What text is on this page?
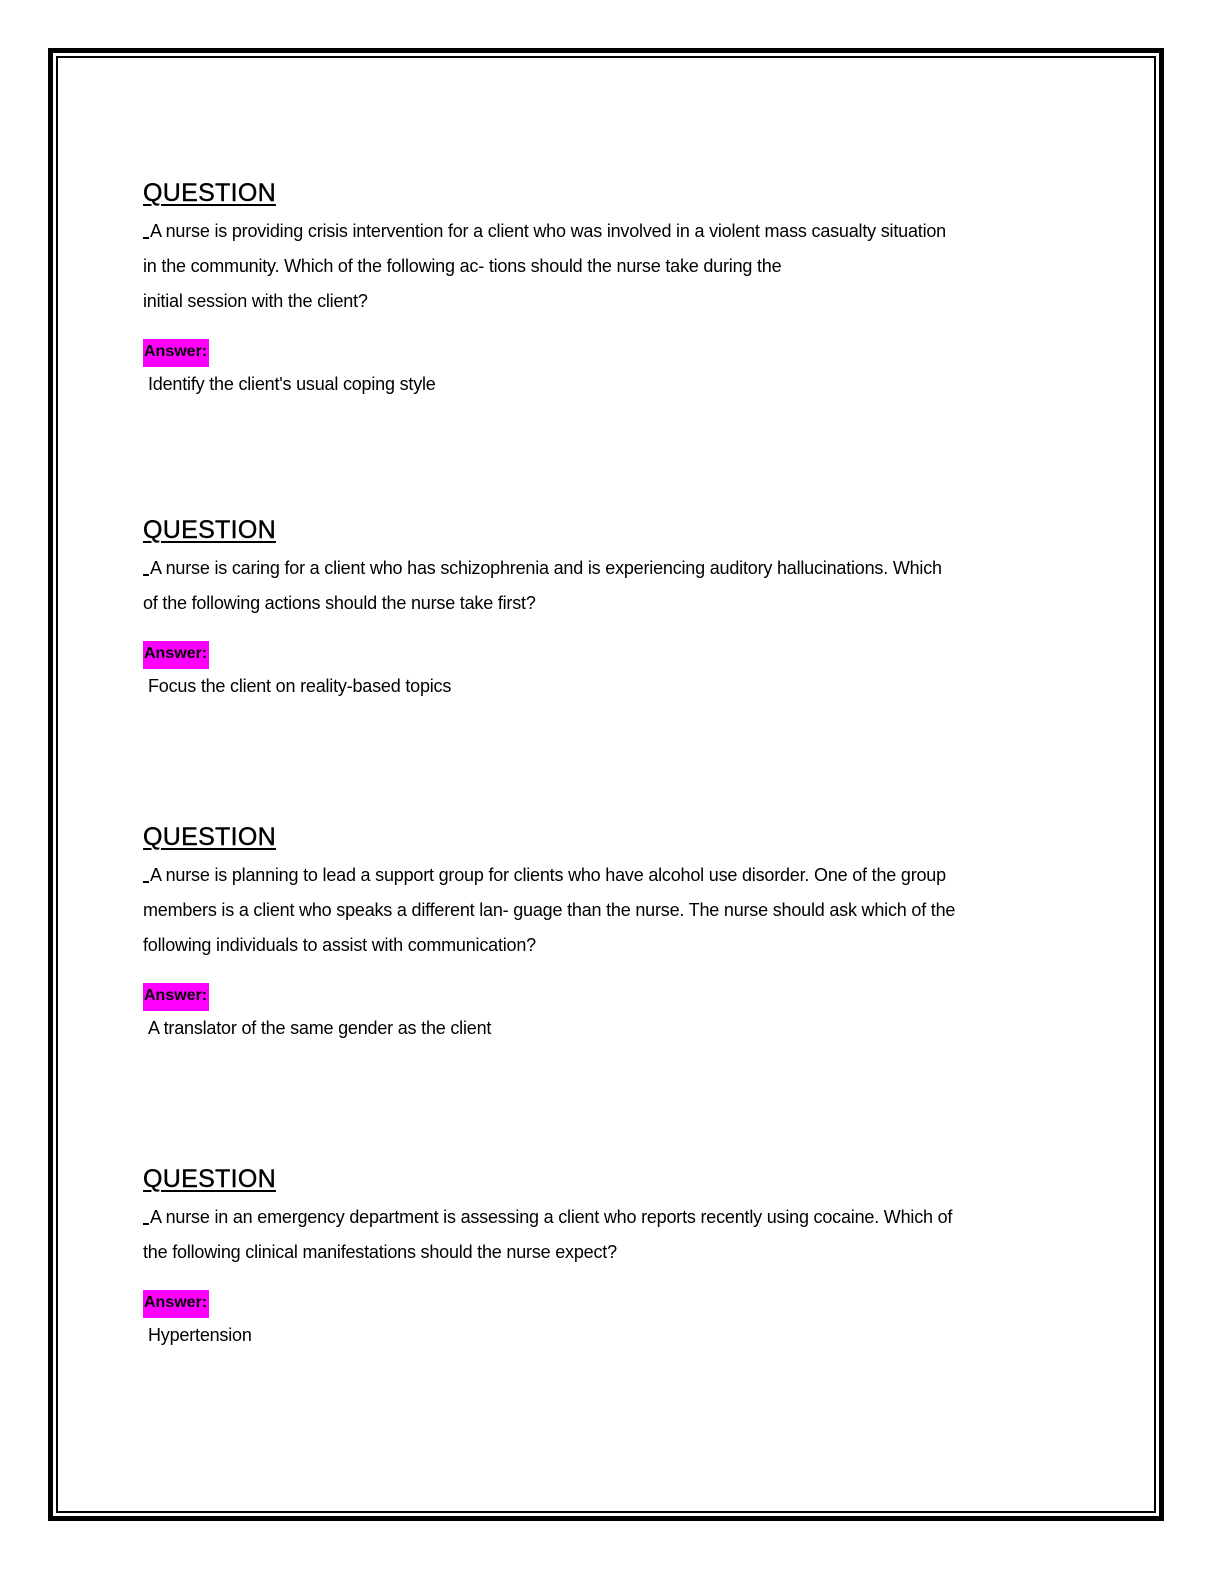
QUESTION

A nurse is providing crisis intervention for a client who was involved in a violent mass casualty situation
in the community. Which of the following ac- tions should the nurse take during the
initial session with the client?

Answer:

Identify the client's usual coping style

QUESTION

A nurse is caring for a client who has schizophrenia and is experiencing auditory hallucinations. Which
of the following actions should the nurse take first?

Answer:

Focus the client on reality-based topics

QUESTION

A nurse is planning to lead a support group for clients who have alcohol use disorder. One of the group
members is a client who speaks a different lan- guage than the nurse. The nurse should ask which of the
following individuals to assist with communication?

Answer:

A translator of the same gender as the client

QUESTION

A nurse in an emergency department is assessing a client who reports recently using cocaine. Which of
the following clinical manifestations should the nurse expect?

Answer:

Hypertension
